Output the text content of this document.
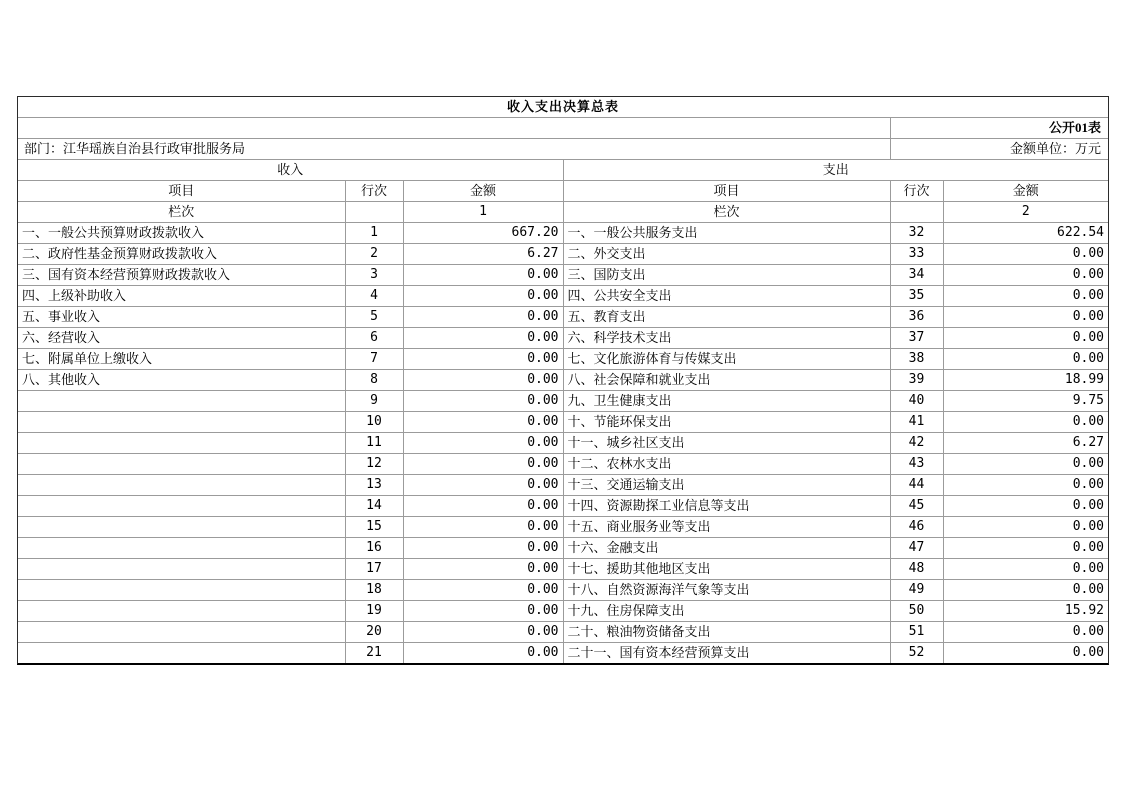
收入支出决算总表					
				公开01表	
部门：江华瑶族自治县行政审批服务局				金额单位：万元	
收入			支出		
项目	行次	金额	项目	行次	金额
栏次		1	栏次		2
一、一般公共预算财政拨款收入	1	667.20	一、一般公共服务支出	32	622.54
二、政府性基金预算财政拨款收入	2	6.27	二、外交支出	33	0.00
三、国有资本经营预算财政拨款收入	3	0.00	三、国防支出	34	0.00
四、上级补助收入	4	0.00	四、公共安全支出	35	0.00
五、事业收入	5	0.00	五、教育支出	36	0.00
六、经营收入	6	0.00	六、科学技术支出	37	0.00
七、附属单位上缴收入	7	0.00	七、文化旅游体育与传媒支出	38	0.00
八、其他收入	8	0.00	八、社会保障和就业支出	39	18.99
	9	0.00	九、卫生健康支出	40	9.75
	10	0.00	十、节能环保支出	41	0.00
	11	0.00	十一、城乡社区支出	42	6.27
	12	0.00	十二、农林水支出	43	0.00
	13	0.00	十三、交通运输支出	44	0.00
	14	0.00	十四、资源勘探工业信息等支出	45	0.00
	15	0.00	十五、商业服务业等支出	46	0.00
	16	0.00	十六、金融支出	47	0.00
	17	0.00	十七、援助其他地区支出	48	0.00
	18	0.00	十八、自然资源海洋气象等支出	49	0.00
	19	0.00	十九、住房保障支出	50	15.92
	20	0.00	二十、粮油物资储备支出	51	0.00
	21	0.00	二十一、国有资本经营预算支出	52	0.00
